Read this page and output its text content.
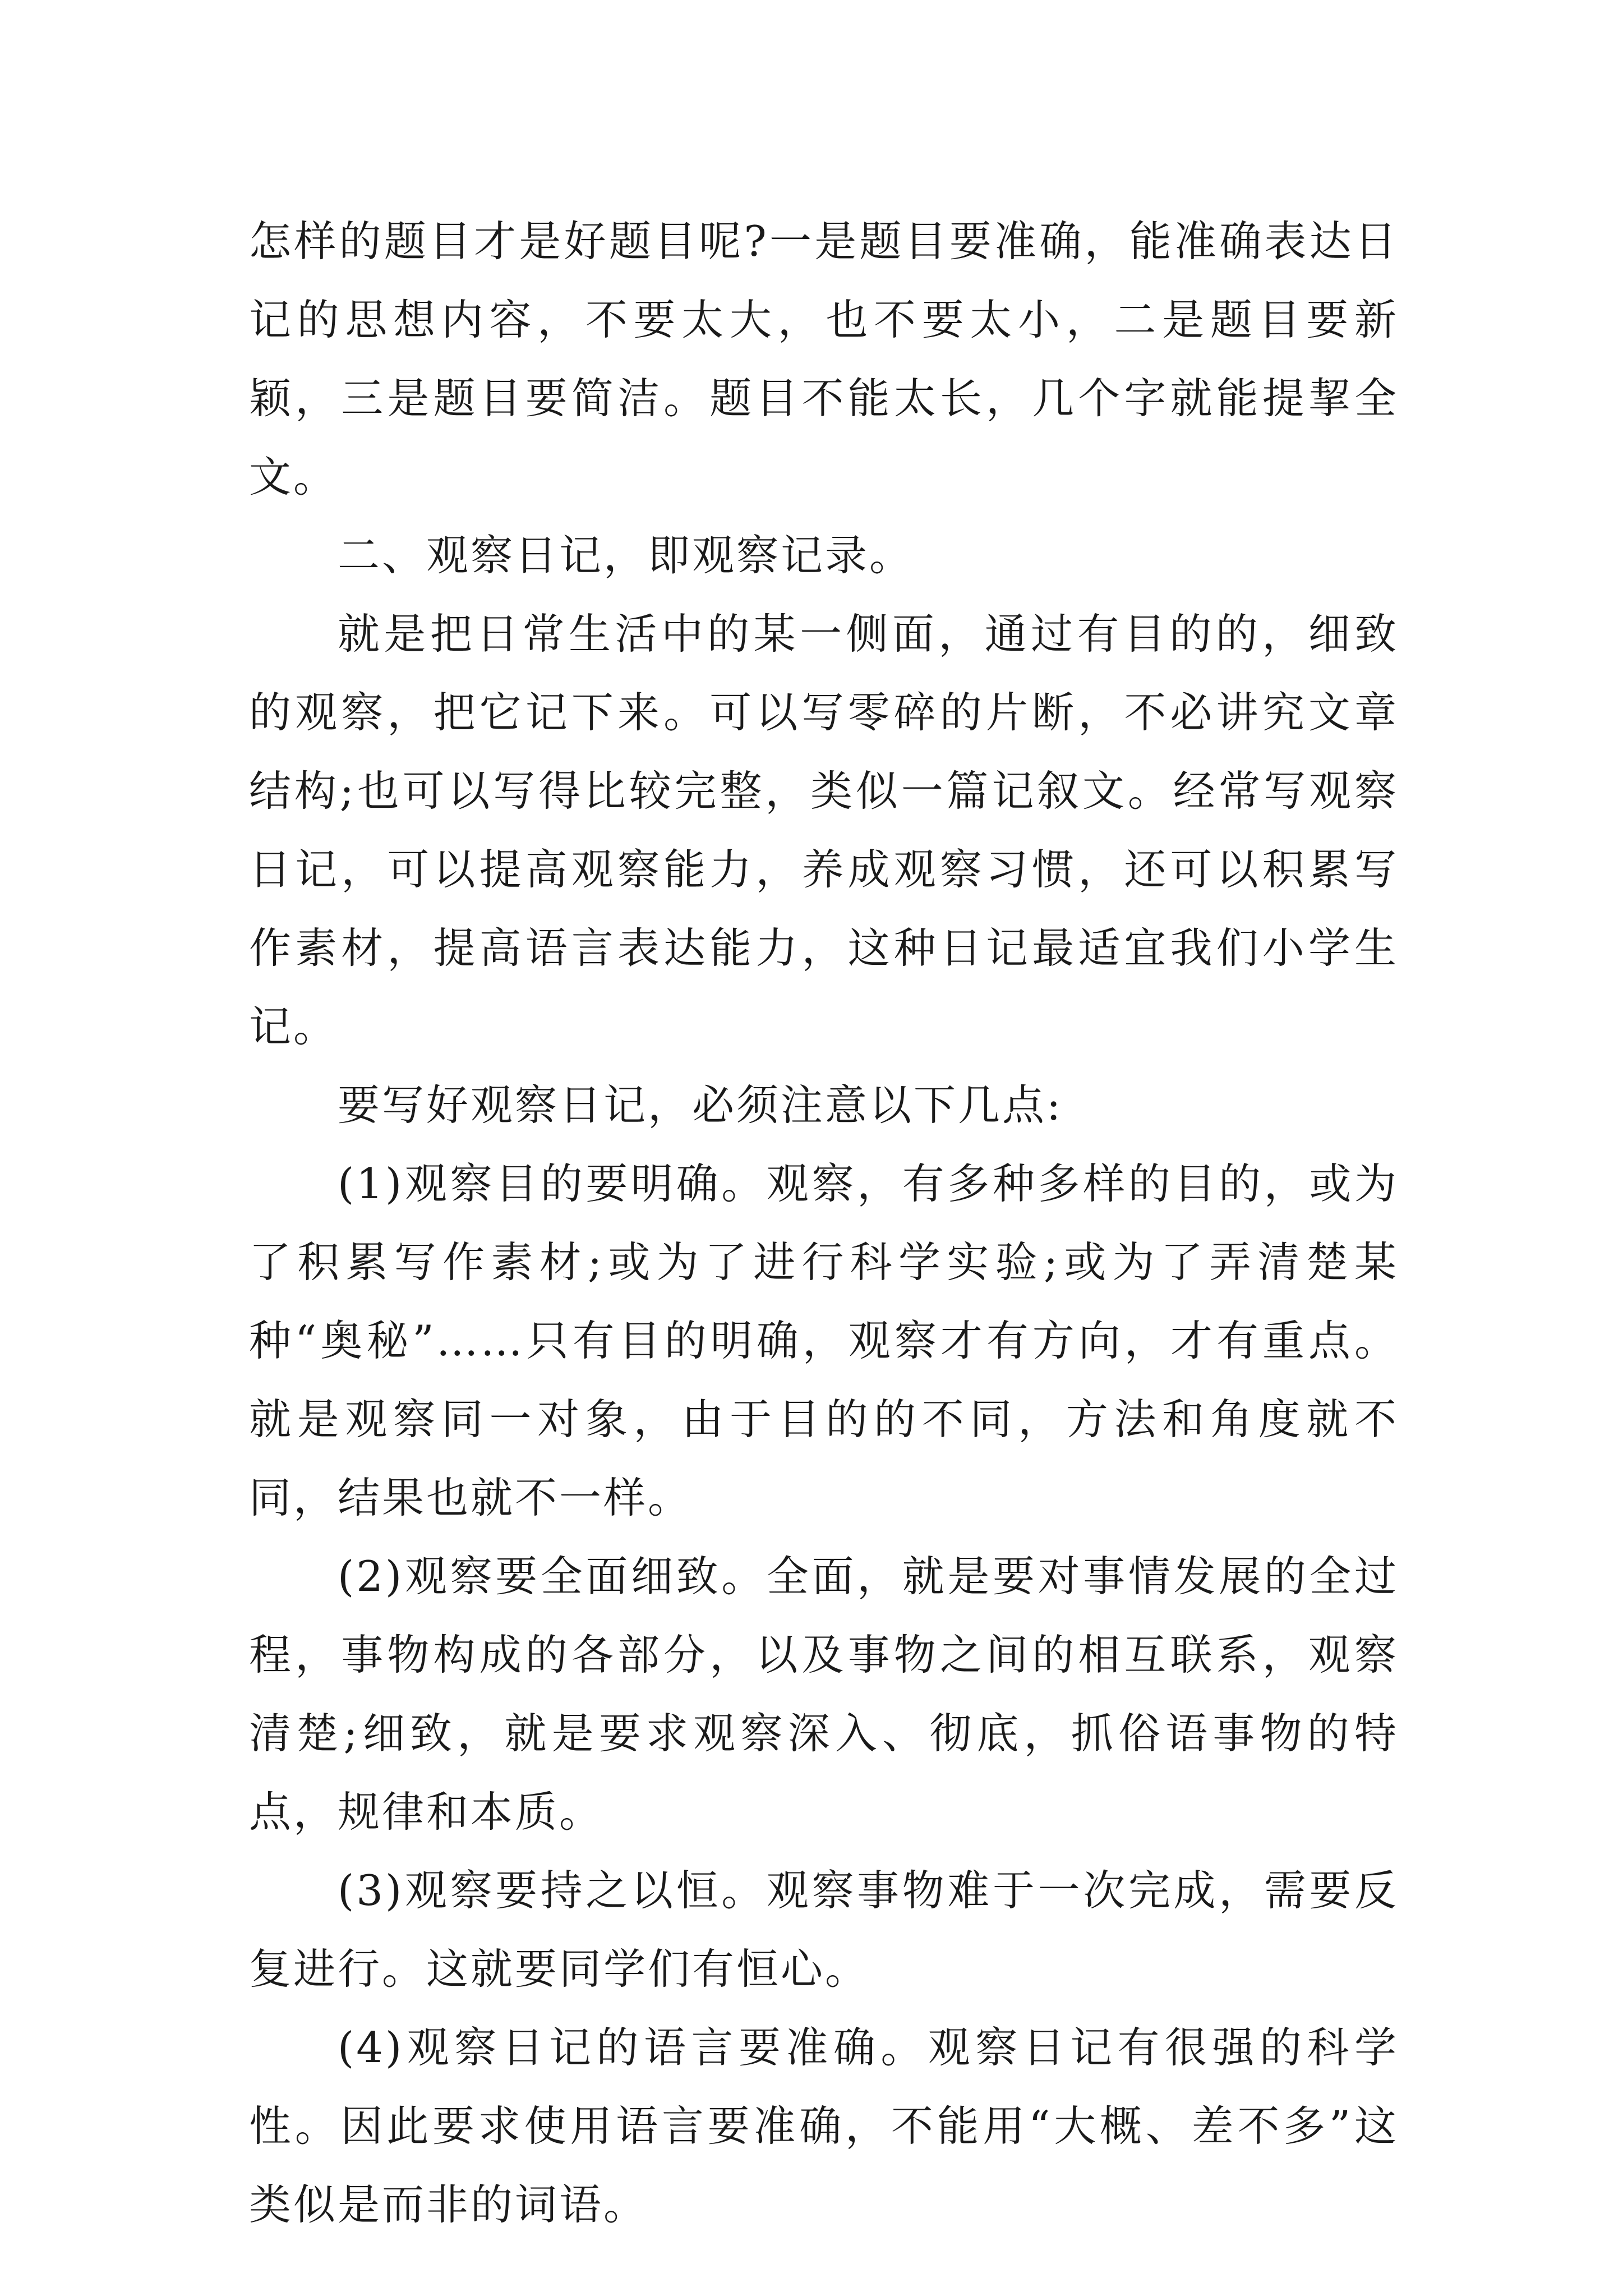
怎样的题目才是好题目呢?一是题目要准确，能准确表达日记的思想内容，不要太大，也不要太小，二是题目要新颖，三是题目要简洁。题目不能太长，几个字就能提挈全文。

二、观察日记，即观察记录。

就是把日常生活中的某一侧面，通过有目的的，细致的观察，把它记下来。可以写零碎的片断，不必讲究文章结构;也可以写得比较完整，类似一篇记叙文。经常写观察日记，可以提高观察能力，养成观察习惯，还可以积累写作素材，提高语言表达能力，这种日记最适宜我们小学生记。

要写好观察日记，必须注意以下几点:

(1)观察目的要明确。观察，有多种多样的目的，或为了积累写作素材;或为了进行科学实验;或为了弄清楚某种“奥秘”……只有目的明确，观察才有方向，才有重点。就是观察同一对象，由于目的的不同，方法和角度就不同，结果也就不一样。

(2)观察要全面细致。全面，就是要对事情发展的全过程，事物构成的各部分，以及事物之间的相互联系，观察清楚;细致，就是要求观察深入、彻底，抓俗语事物的特点，规律和本质。

(3)观察要持之以恒。观察事物难于一次完成，需要反复进行。这就要同学们有恒心。

(4)观察日记的语言要准确。观察日记有很强的科学性。因此要求使用语言要准确，不能用“大概、差不多”这类似是而非的词语。
